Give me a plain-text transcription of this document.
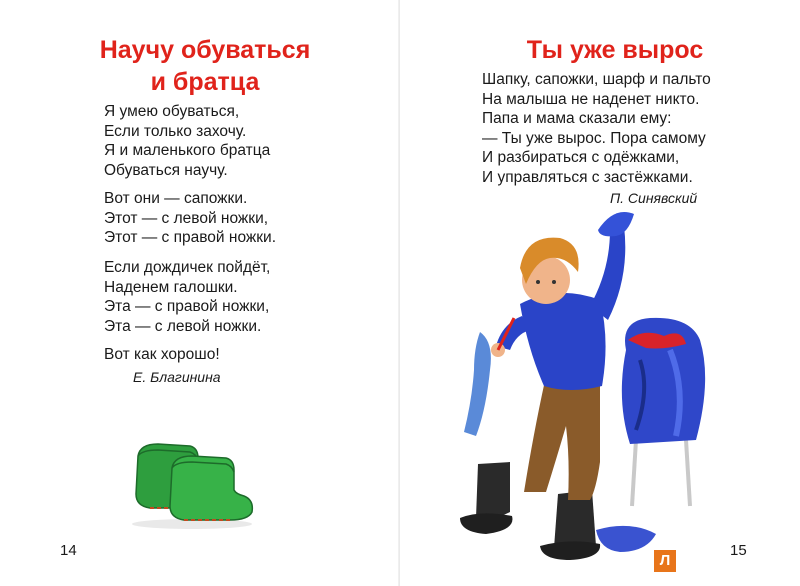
Научу обуваться
и братца
Я умею обуваться,
Если только захочу.
Я и маленького братца
Обуваться научу.
Вот они — сапожки.
Этот — с левой ножки,
Этот — с правой ножки.
Если дождичек пойдёт,
Наденем галошки.
Эта — с правой ножки,
Эта — с левой ножки.
Вот как хорошо!
Е. Благинина
14
Ты уже вырос
Шапку, сапожки, шарф и пальто
На малыша не наденет никто.
Папа и мама сказали ему:
— Ты уже вырос. Пора самому
И разбираться с одёжками,
И управляться с застёжками.
П. Синявский
Л
15
